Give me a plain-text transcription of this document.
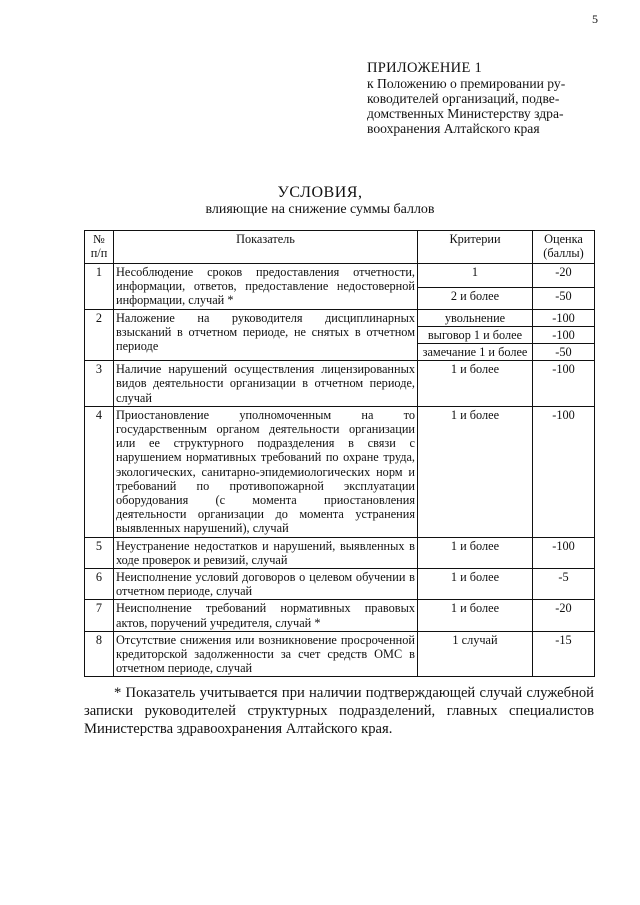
5
ПРИЛОЖЕНИЕ 1
к Положению о премировании ру-
ководителей организаций, подве-
домственных Министерству здра-
воохранения Алтайского края
УСЛОВИЯ,
влияющие на снижение суммы баллов
№ п/п	Показатель	Критерии	Оценка (баллы)
1	Несоблюдение сроков предоставления отчетности, информации, ответов, предоставление недостоверной информации, случай *	1	-20
		2 и более	-50
2	Наложение на руководителя дисциплинарных взысканий в отчетном периоде, не снятых в отчетном периоде	увольнение	-100
		выговор 1 и более	-100
		замечание 1 и более	-50
3	Наличие нарушений осуществления лицензированных видов деятельности организации в отчетном периоде, случай	1 и более	-100
4	Приостановление уполномоченным на то государственным органом деятельности организации или ее структурного подразделения в связи с нарушением нормативных требований по охране труда, экологических, санитарно-эпидемиологических норм и требований по противопожарной эксплуатации оборудования (с момента приостановления деятельности организации до момента устранения выявленных нарушений), случай	1 и более	-100
5	Неустранение недостатков и нарушений, выявленных в ходе проверок и ревизий, случай	1 и более	-100
6	Неисполнение условий договоров о целевом обучении в отчетном периоде, случай	1 и более	-5
7	Неисполнение требований нормативных правовых актов, поручений учредителя, случай *	1 и более	-20
8	Отсутствие снижения или возникновение просроченной кредиторской задолженности за счет средств ОМС в отчетном периоде, случай	1 случай	-15
* Показатель учитывается при наличии подтверждающей случай служебной записки руководителей структурных подразделений, главных специалистов Министерства здравоохранения Алтайского края.
